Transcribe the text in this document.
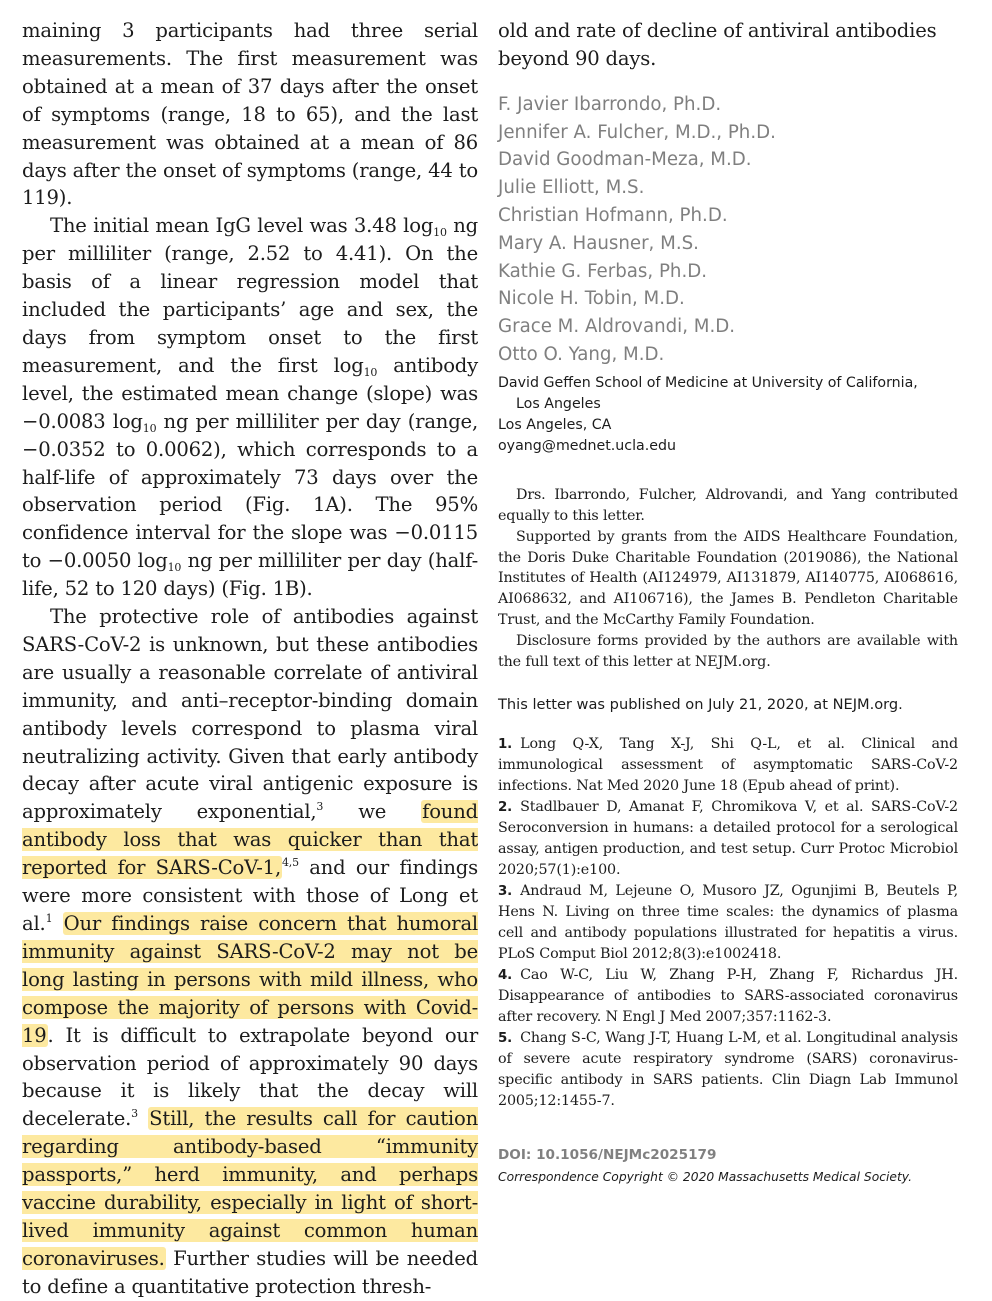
maining 3 participants had three serial measurements. The first measurement was obtained at a mean of 37 days after the onset of symptoms (range, 18 to 65), and the last measurement was obtained at a mean of 86 days after the onset of symptoms (range, 44 to 119).

The initial mean IgG level was 3.48 $\log_{10}$ ng per milliliter (range, 2.52 to 4.41). On the basis of a linear regression model that included the participants’ age and sex, the days from symptom onset to the first measurement, and the first $\log_{10}$ antibody level, the estimated mean change (slope) was −0.0083 $\log_{10}$ ng per milliliter per day (range, −0.0352 to 0.0062), which corresponds to a half-life of approximately 73 days over the observation period (Fig. 1A). The 95% confidence interval for the slope was −0.0115 to −0.0050 $\log_{10}$ ng per milliliter per day (half-life, 52 to 120 days) (Fig. 1B).

The protective role of antibodies against SARS-CoV-2 is unknown, but these antibodies are usually a reasonable correlate of antiviral immunity, and anti–receptor-binding domain antibody levels correspond to plasma viral neutralizing activity. Given that early antibody decay after acute viral antigenic exposure is approximately exponential,$^3$ we found antibody loss that was quicker than that reported for SARS-CoV-1,$^{4,5}$ and our findings were more consistent with those of Long et al.$^1$ Our findings raise concern that humoral immunity against SARS-CoV-2 may not be long lasting in persons with mild illness, who compose the majority of persons with Covid-19. It is difficult to extrapolate beyond our observation period of approximately 90 days because it is likely that the decay will decelerate.$^3$ Still, the results call for caution regarding antibody-based “immunity passports,” herd immunity, and perhaps vaccine durability, especially in light of short-lived immunity against common human coronaviruses. Further studies will be needed to define a quantitative protection thresh-

old and rate of decline of antiviral antibodies beyond 90 days.

F. Javier Ibarrondo, Ph.D.
Jennifer A. Fulcher, M.D., Ph.D.
David Goodman-Meza, M.D.
Julie Elliott, M.S.
Christian Hofmann, Ph.D.
Mary A. Hausner, M.S.
Kathie G. Ferbas, Ph.D.
Nicole H. Tobin, M.D.
Grace M. Aldrovandi, M.D.
Otto O. Yang, M.D.
David Geffen School of Medicine at University of California,
Los Angeles
Los Angeles, CA
oyang@mednet.ucla.edu

Drs. Ibarrondo, Fulcher, Aldrovandi, and Yang contributed equally to this letter.

Supported by grants from the AIDS Healthcare Foundation, the Doris Duke Charitable Foundation (2019086), the National Institutes of Health (AI124979, AI131879, AI140775, AI068616, AI068632, and AI106716), the James B. Pendleton Charitable Trust, and the McCarthy Family Foundation.

Disclosure forms provided by the authors are available with the full text of this letter at NEJM.org.

This letter was published on July 21, 2020, at NEJM.org.
1. Long Q-X, Tang X-J, Shi Q-L, et al. Clinical and immunological assessment of asymptomatic SARS-CoV-2 infections. Nat Med 2020 June 18 (Epub ahead of print).
2. Stadlbauer D, Amanat F, Chromikova V, et al. SARS-CoV-2 Seroconversion in humans: a detailed protocol for a serological assay, antigen production, and test setup. Curr Protoc Microbiol 2020;57(1):e100.
3. Andraud M, Lejeune O, Musoro JZ, Ogunjimi B, Beutels P, Hens N. Living on three time scales: the dynamics of plasma cell and antibody populations illustrated for hepatitis a virus. PLoS Comput Biol 2012;8(3):e1002418.
4. Cao W-C, Liu W, Zhang P-H, Zhang F, Richardus JH. Disappearance of antibodies to SARS-associated coronavirus after recovery. N Engl J Med 2007;357:1162-3.
5. Chang S-C, Wang J-T, Huang L-M, et al. Longitudinal analysis of severe acute respiratory syndrome (SARS) coronavirus-specific antibody in SARS patients. Clin Diagn Lab Immunol 2005;12:1455-7.
DOI: 10.1056/NEJMc2025179
Correspondence Copyright © 2020 Massachusetts Medical Society.
